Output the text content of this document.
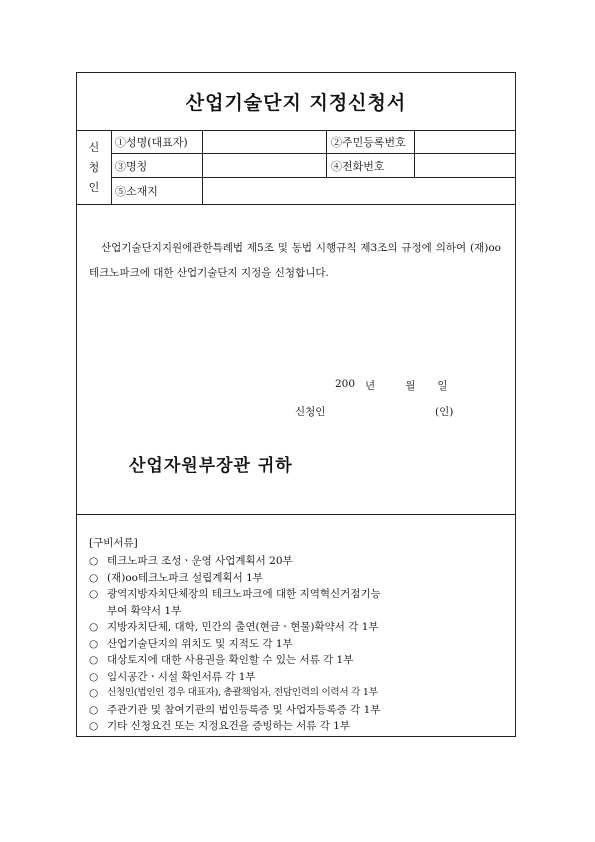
산업기술단지 지정신청서
신
청
인
①성명(대표자)	②주민등록번호
③명칭	④전화번호
⑤소재지
산업기술단지지원에관한특례법 제5조 및 동법 시행규칙 제3조의 규정에 의하여 (재)oo테크노파크에 대한 산업기술단지 지정을 신청합니다.
200 년	월 일
신청인	(인)
산업자원부장관 귀하
[구비서류]
○ 테크노파크 조성ㆍ운영 사업계획서 20부
○ (재)oo테크노파크 설립계획서 1부
○ 광역지방자치단체장의 테크노파크에 대한 지역혁신거점기능
부여 확약서 1부
○ 지방자치단체, 대학, 민간의 출연(현금ㆍ현물)확약서 각 1부
○ 산업기술단지의 위치도 및 지적도 각 1부
○ 대상토지에 대한 사용권을 확인할 수 있는 서류 각 1부
○ 임시공간ㆍ시설 확인서류 각 1부
○ 신청인(법인인 경우 대표자), 총괄책임자, 전담인력의 이력서 각 1부
○ 주관기관 및 참여기관의 법인등록증 및 사업자등록증 각 1부
○ 기타 신청요건 또는 지정요건을 증빙하는 서류 각 1부
